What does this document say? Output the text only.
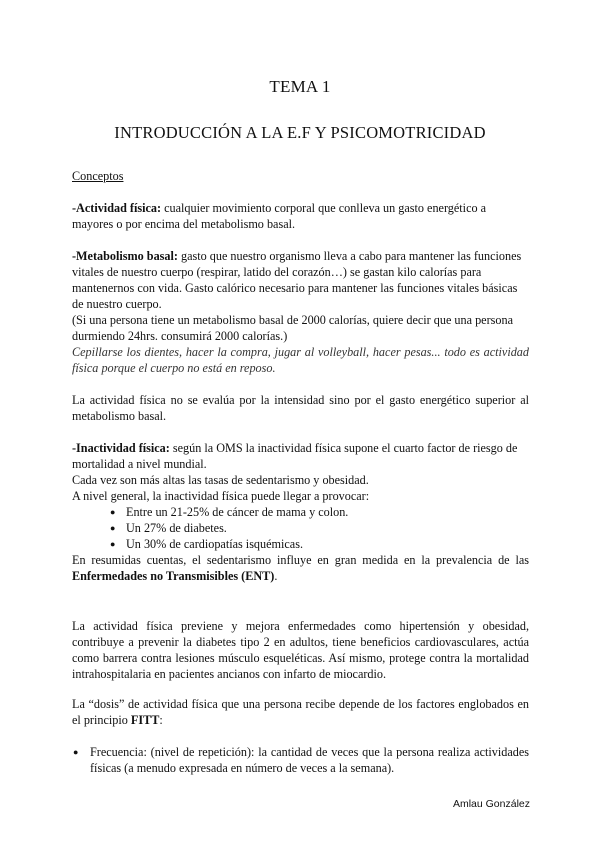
TEMA 1
INTRODUCCIÓN A LA E.F Y PSICOMOTRICIDAD
Conceptos
-Actividad física: cualquier movimiento corporal que conlleva un gasto energético a mayores o por encima del metabolismo basal.
-Metabolismo basal: gasto que nuestro organismo lleva a cabo para mantener las funciones vitales de nuestro cuerpo (respirar, latido del corazón…) se gastan kilo calorías para mantenernos con vida. Gasto calórico necesario para mantener las funciones vitales básicas de nuestro cuerpo.
(Si una persona tiene un metabolismo basal de 2000 calorías, quiere decir que una persona durmiendo 24hrs. consumirá 2000 calorías.)
Cepillarse los dientes, hacer la compra, jugar al volleyball, hacer pesas... todo es actividad física porque el cuerpo no está en reposo.
La actividad física no se evalúa por la intensidad sino por el gasto energético superior al metabolismo basal.
-Inactividad física: según la OMS la inactividad física supone el cuarto factor de riesgo de mortalidad a nivel mundial.
Cada vez son más altas las tasas de sedentarismo y obesidad.
A nivel general, la inactividad física puede llegar a provocar:
● Entre un 21-25% de cáncer de mama y colon.
● Un 27% de diabetes.
● Un 30% de cardiopatías isquémicas.
En resumidas cuentas, el sedentarismo influye en gran medida en la prevalencia de las
Enfermedades no Transmisibles (ENT).
La actividad física previene y mejora enfermedades como hipertensión y obesidad, contribuye a prevenir la diabetes tipo 2 en adultos, tiene beneficios cardiovasculares, actúa como barrera contra lesiones músculo esqueléticas. Así mismo, protege contra la mortalidad intrahospitalaria en pacientes ancianos con infarto de miocardio.
La “dosis” de actividad física que una persona recibe depende de los factores englobados en el principio FITT:
● Frecuencia: (nivel de repetición): la cantidad de veces que la persona realiza actividades físicas (a menudo expresada en número de veces a la semana).
Amlau González
